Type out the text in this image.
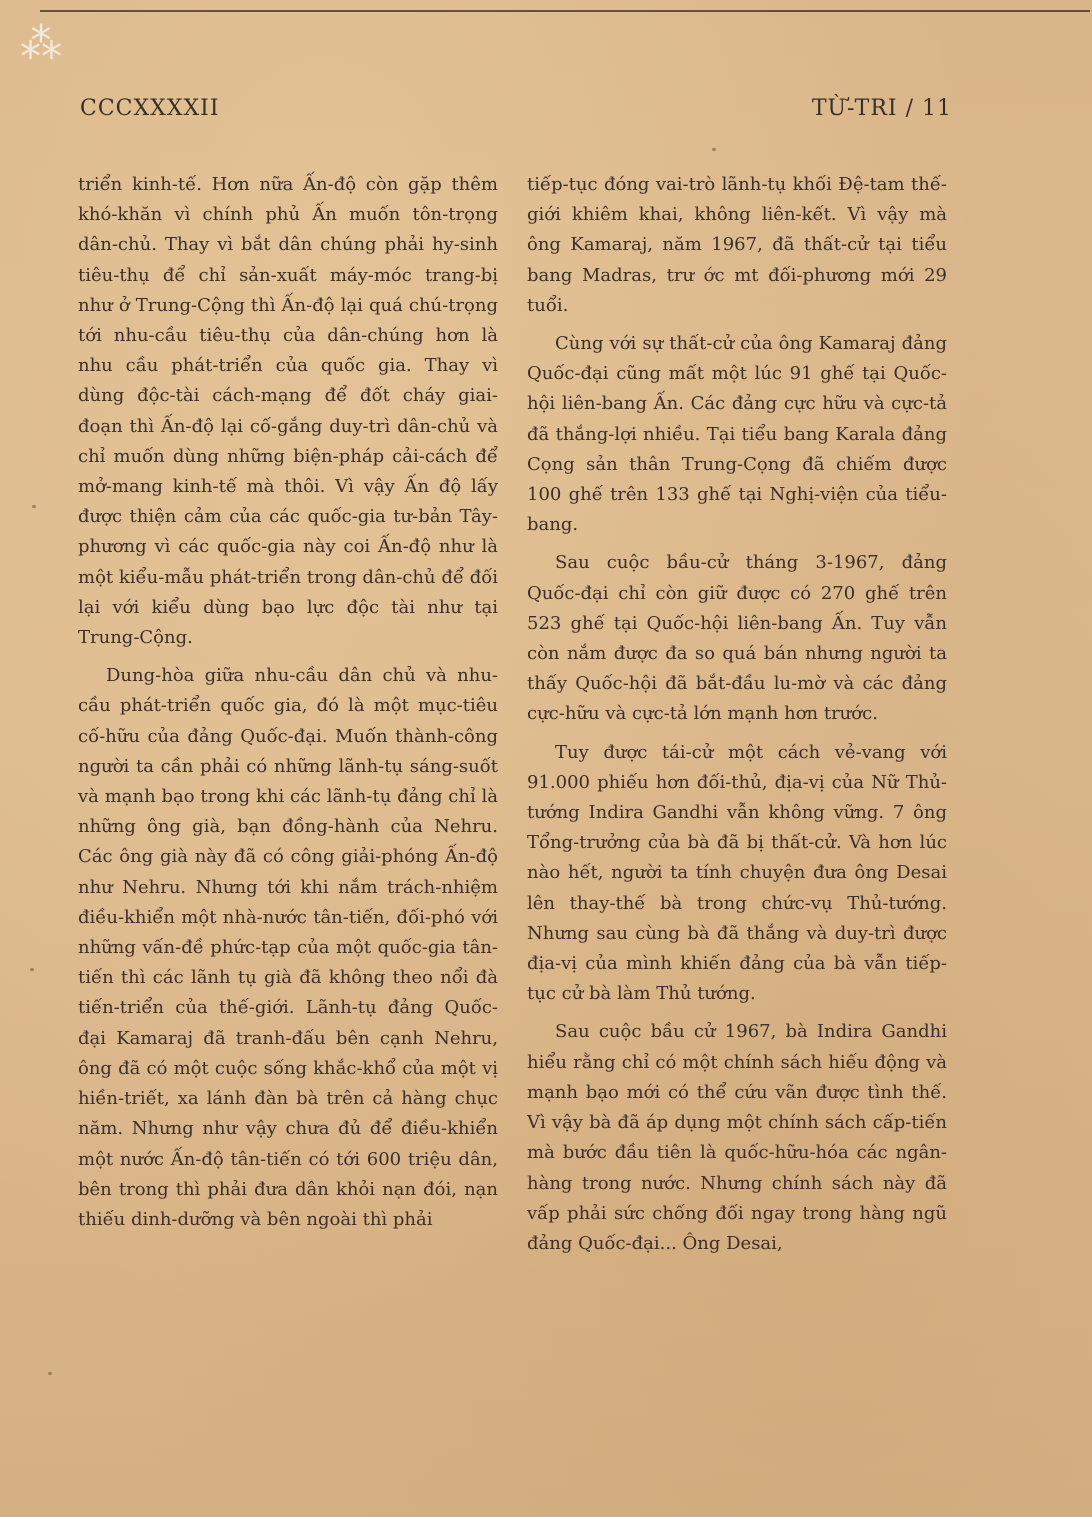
⁂
CCCXXXXII	TỪ-TRI / 11

triển kinh-tế. Hơn nữa Ấn-độ còn gặp thêm khó-khăn vì chính phủ Ấn muốn tôn-trọng dân-chủ. Thay vì bắt dân chúng phải hy-sinh tiêu-thụ để chỉ sản-xuất máy-móc trang-bị như ở Trung-Cộng thì Ấn-độ lại quá chú-trọng tới nhu-cầu tiêu-thụ của dân-chúng hơn là nhu cầu phát-triển của quốc gia. Thay vì dùng độc-tài cách-mạng để đốt cháy giai-đoạn thì Ấn-độ lại cố-gắng duy-trì dân-chủ và chỉ muốn dùng những biện-pháp cải-cách để mở-mang kinh-tế mà thôi. Vì vậy Ấn độ lấy được thiện cảm của các quốc-gia tư-bản Tây-phương vì các quốc-gia này coi Ấn-độ như là một kiểu-mẫu phát-triển trong dân-chủ để đối lại với kiểu dùng bạo lực độc tài như tại Trung-Cộng.

Dung-hòa giữa nhu-cầu dân chủ và nhu-cầu phát-triển quốc gia, đó là một mục-tiêu cố-hữu của đảng Quốc-đại. Muốn thành-công người ta cần phải có những lãnh-tụ sáng-suốt và mạnh bạo trong khi các lãnh-tụ đảng chỉ là những ông già, bạn đồng-hành của Nehru. Các ông già này đã có công giải-phóng Ấn-độ như Nehru. Nhưng tới khi nắm trách-nhiệm điều-khiển một nhà-nước tân-tiến, đối-phó với những vấn-đề phức-tạp của một quốc-gia tân-tiến thì các lãnh tụ già đã không theo nổi đà tiến-triển của thế-giới. Lãnh-tụ đảng Quốc-đại Kamaraj đã tranh-đấu bên cạnh Nehru, ông đã có một cuộc sống khắc-khổ của một vị hiền-triết, xa lánh đàn bà trên cả hàng chục năm. Nhưng như vậy chưa đủ để điều-khiển một nước Ấn-độ tân-tiến có tới 600 triệu dân, bên trong thì phải đưa dân khỏi nạn đói, nạn thiếu dinh-dưỡng và bên ngoài thì phải

tiếp-tục đóng vai-trò lãnh-tụ khối Đệ-tam thế-giới khiêm khai, không liên-kết. Vì vậy mà ông Kamaraj, năm 1967, đã thất-cử tại tiểu bang Madras, trư ớc mt đối-phương mới 29 tuổi.

Cùng với sự thất-cử của ông Kamaraj đảng Quốc-đại cũng mất một lúc 91 ghế tại Quốc-hội liên-bang Ấn. Các đảng cực hữu và cực-tả đã thắng-lợi nhiều. Tại tiểu bang Karala đảng Cọng sản thân Trung-Cọng đã chiếm được 100 ghế trên 133 ghế tại Nghị-viện của tiểu-bang.

Sau cuộc bầu-cử tháng 3-1967, đảng Quốc-đại chỉ còn giữ được có 270 ghế trên 523 ghế tại Quốc-hội liên-bang Ấn. Tuy vẫn còn nắm được đa so quá bán nhưng người ta thấy Quốc-hội đã bắt-đầu lu-mờ và các đảng cực-hữu và cực-tả lớn mạnh hơn trước.

Tuy được tái-cử một cách vẻ-vang với 91.000 phiếu hơn đối-thủ, địa-vị của Nữ Thủ-tướng Indira Gandhi vẫn không vững. 7 ông Tổng-trưởng của bà đã bị thất-cử. Và hơn lúc nào hết, người ta tính chuyện đưa ông Desai lên thay-thế bà trong chức-vụ Thủ-tướng. Nhưng sau cùng bà đã thắng và duy-trì được địa-vị của mình khiến đảng của bà vẫn tiếp-tục cử bà làm Thủ tướng.

Sau cuộc bầu cử 1967, bà Indira Gandhi hiểu rằng chỉ có một chính sách hiếu động và mạnh bạo mới có thể cứu vãn được tình thế. Vì vậy bà đã áp dụng một chính sách cấp-tiến mà bước đầu tiên là quốc-hữu-hóa các ngân-hàng trong nước. Nhưng chính sách này đã vấp phải sức chống đối ngay trong hàng ngũ đảng Quốc-đại... Ông Desai,
